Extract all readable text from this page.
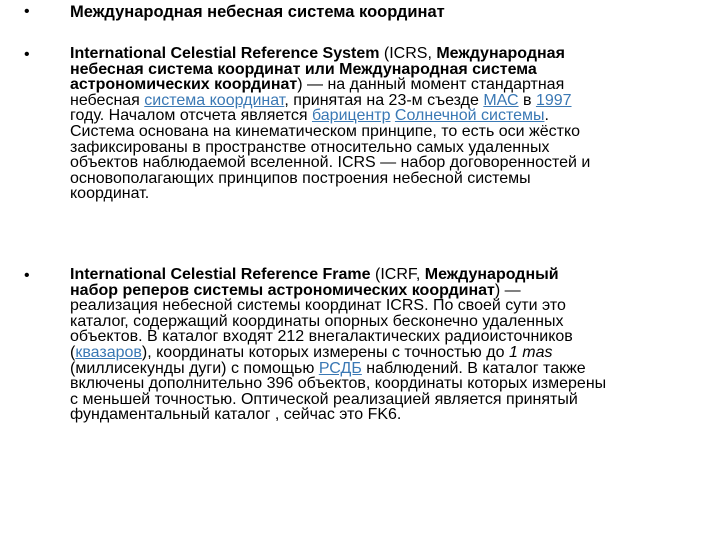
• Международная небесная система координат
•	International Celestial Reference System (ICRS, Международная
небесная система координат или Международная система
астрономических координат) — на данный момент стандартная
небесная система координат, принятая на 23-м съезде МАС в 1997
году. Началом отсчета является барицентр Солнечной системы.
Система основана на кинематическом принципе, то есть оси жёстко
зафиксированы в пространстве относительно самых удаленных
объектов наблюдаемой вселенной. ICRS — набор договоренностей и
основополагающих принципов построения небесной системы
координат.
•	International Celestial Reference Frame (ICRF, Международный
набор реперов системы астрономических координат) —
реализация небесной системы координат ICRS. По своей сути это
каталог, содержащий координаты опорных бесконечно удаленных
объектов. В каталог входят 212 внегалактических радиоисточников
(квазаров), координаты которых измерены с точностью до 1 mas
(миллисекунды дуги) с помощью РСДБ наблюдений. В каталог также
включены дополнительно 396 объектов, координаты которых измерены
с меньшей точностью. Оптической реализацией является принятый
фундаментальный каталог , сейчас это FK6.
